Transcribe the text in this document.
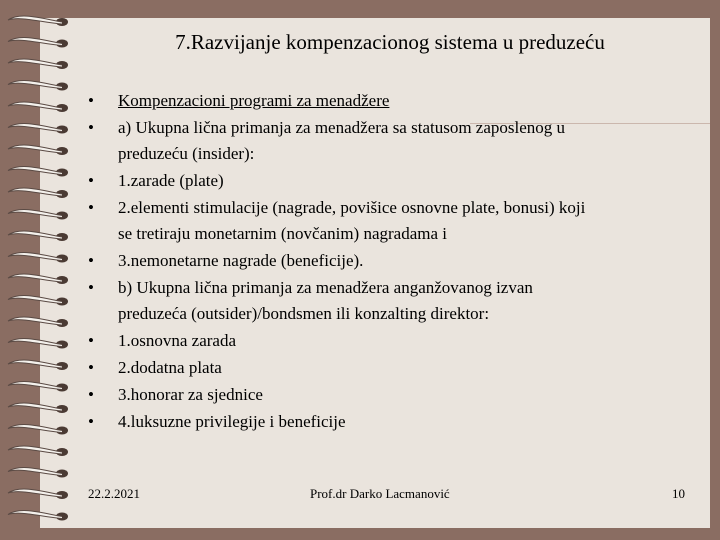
7.Razvijanje kompenzacionog sistema u preduzeću
• Kompenzacioni programi za menadžere
• a) Ukupna lična primanja za menadžera sa statusom zaposlenog u
preduzeću (insider):
• 1.zarade (plate)
• 2.elementi stimulacije (nagrade, povišice osnovne plate, bonusi) koji
se tretiraju monetarnim (novčanim) nagradama i
• 3.nemonetarne nagrade (beneficije).
• b) Ukupna lična primanja za menadžera anganžovanog izvan
preduzeća (outsider)/bondsmen ili konzalting direktor:
• 1.osnovna zarada
• 2.dodatna plata
• 3.honorar za sjednice
• 4.luksuzne privilegije i beneficije
22.2.2021	Prof.dr Darko Lacmanović	10
